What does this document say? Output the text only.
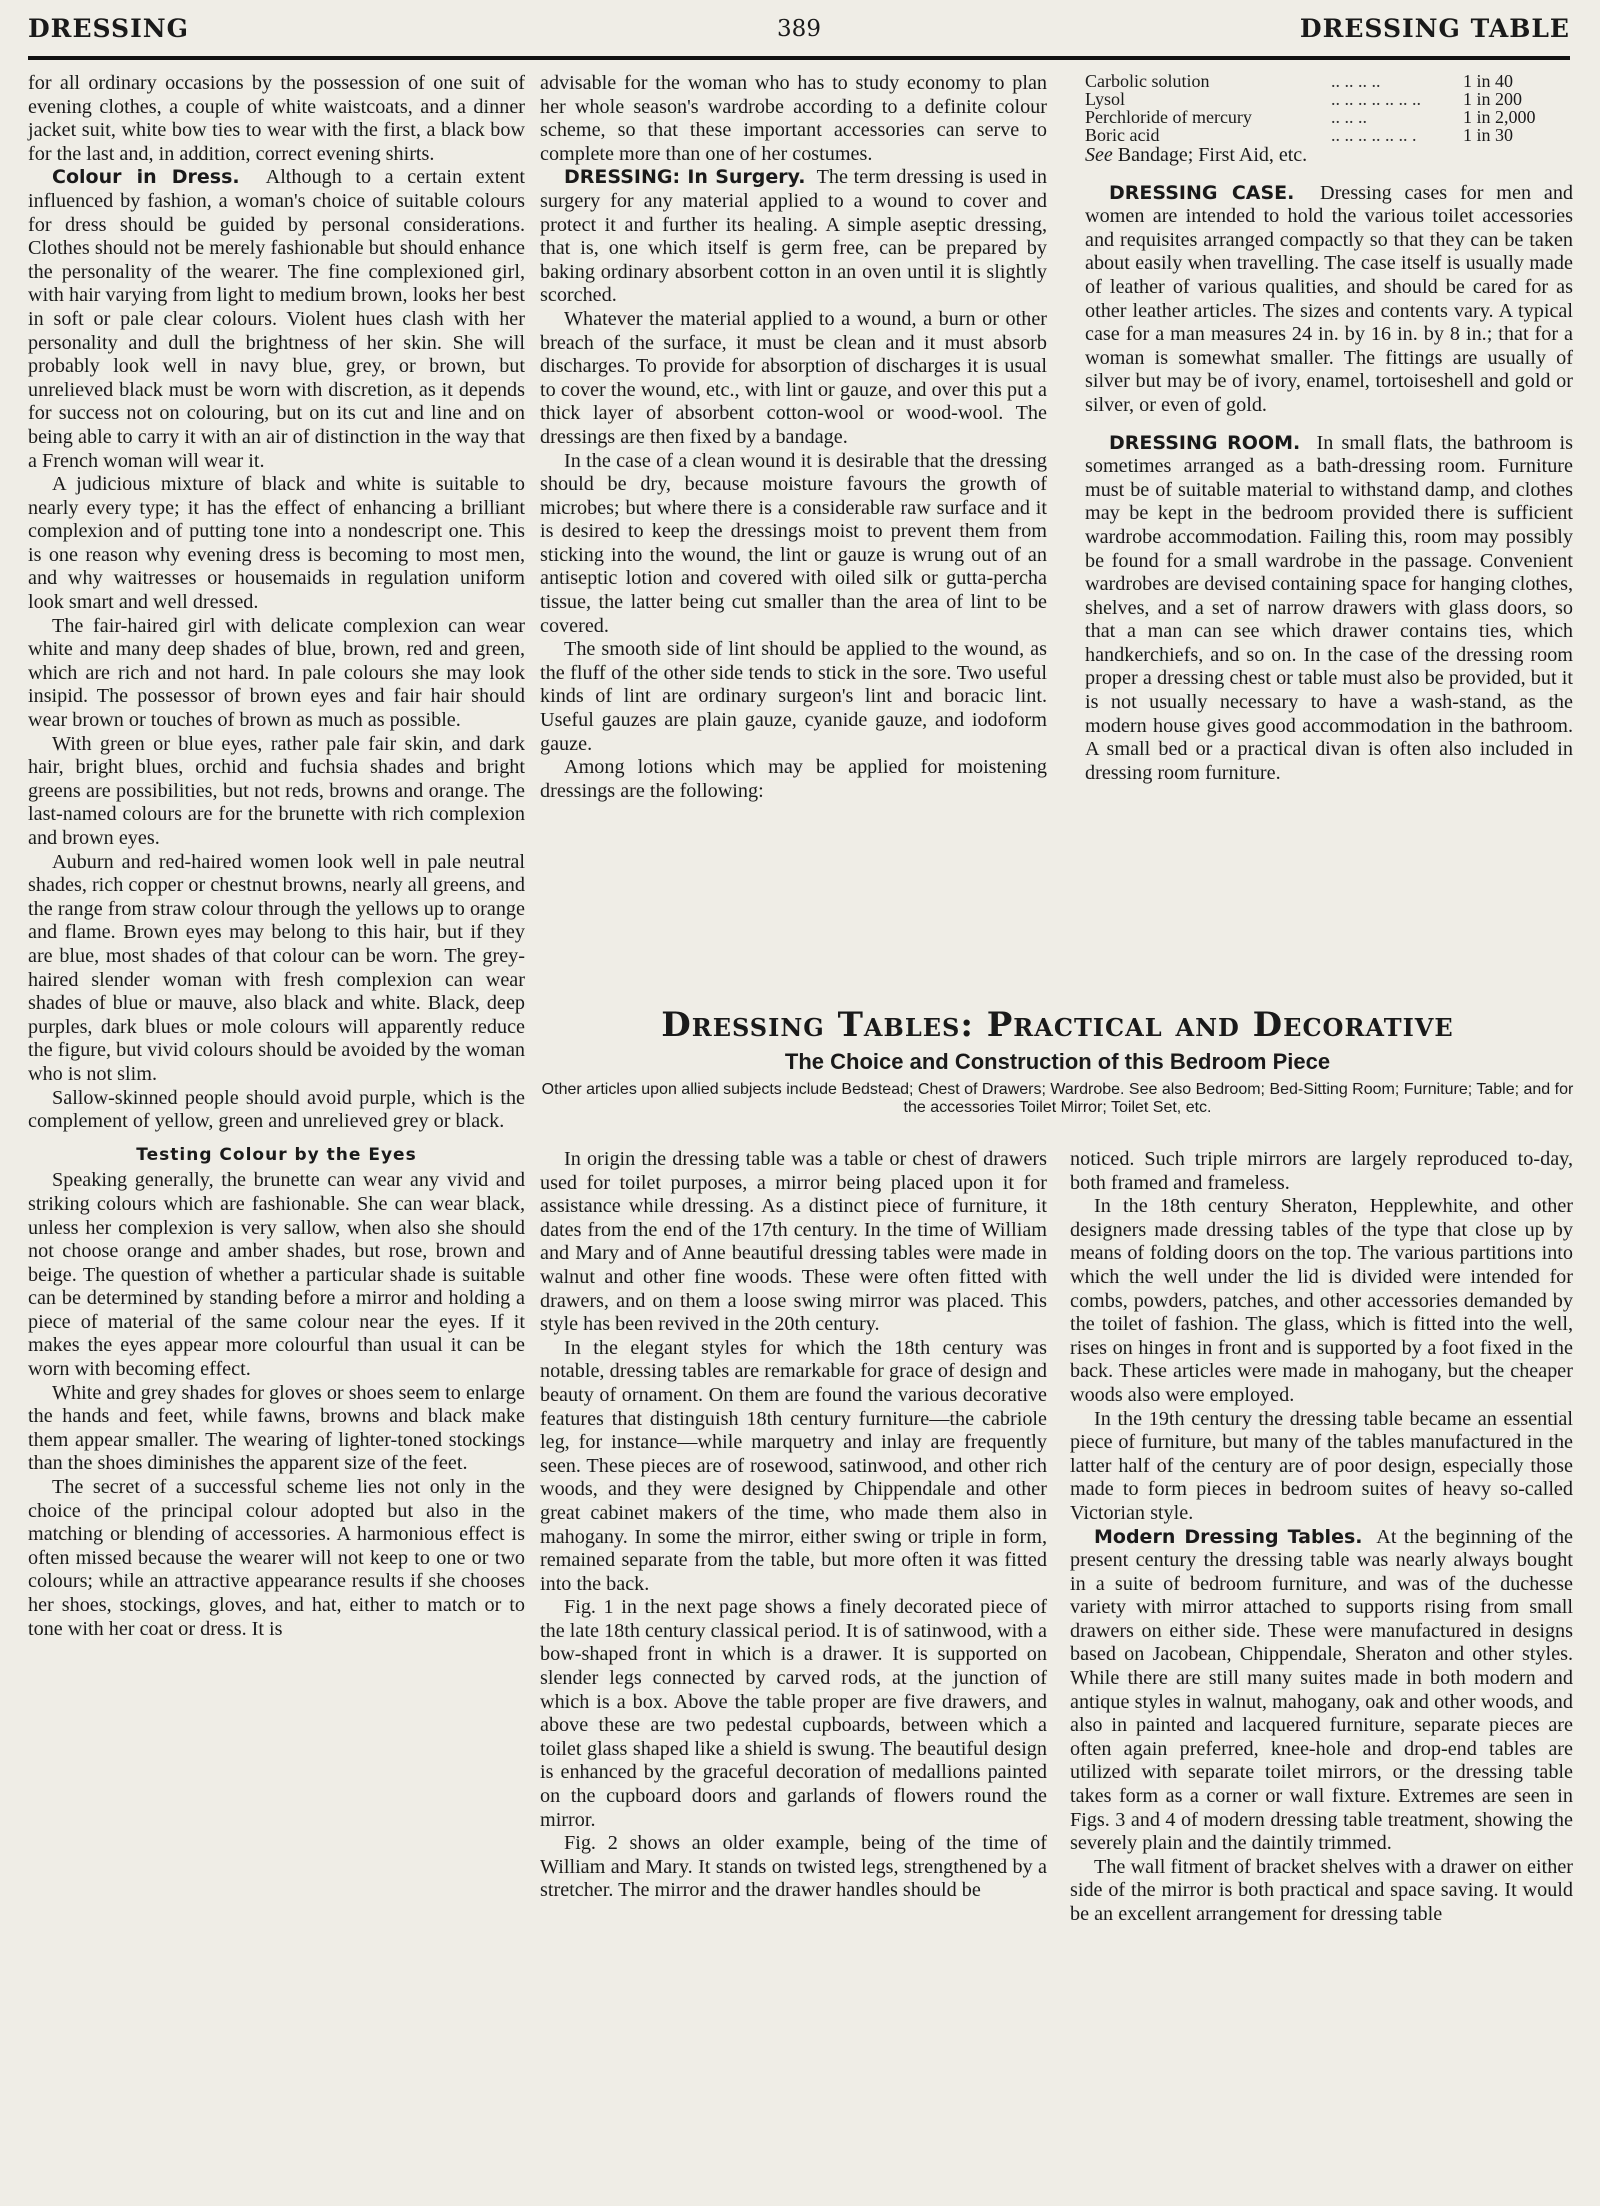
DRESSING	389	DRESSING TABLE

for all ordinary occasions by the possession of one suit of evening clothes, a couple of white waistcoats, and a dinner jacket suit, white bow ties to wear with the first, a black bow for the last and, in addition, correct evening shirts.

Colour in Dress. Although to a certain extent influenced by fashion, a woman's choice of suitable colours for dress should be guided by personal considerations. Clothes should not be merely fashionable but should enhance the personality of the wearer. The fine complexioned girl, with hair varying from light to medium brown, looks her best in soft or pale clear colours. Violent hues clash with her personality and dull the brightness of her skin. She will probably look well in navy blue, grey, or brown, but unrelieved black must be worn with discretion, as it depends for success not on colouring, but on its cut and line and on being able to carry it with an air of distinction in the way that a French woman will wear it.

A judicious mixture of black and white is suitable to nearly every type; it has the effect of enhancing a brilliant complexion and of putting tone into a nondescript one. This is one reason why evening dress is becoming to most men, and why waitresses or housemaids in regulation uniform look smart and well dressed.

The fair-haired girl with delicate complexion can wear white and many deep shades of blue, brown, red and green, which are rich and not hard. In pale colours she may look insipid. The possessor of brown eyes and fair hair should wear brown or touches of brown as much as possible.

With green or blue eyes, rather pale fair skin, and dark hair, bright blues, orchid and fuchsia shades and bright greens are possibilities, but not reds, browns and orange. The last-named colours are for the brunette with rich complexion and brown eyes.

Auburn and red-haired women look well in pale neutral shades, rich copper or chestnut browns, nearly all greens, and the range from straw colour through the yellows up to orange and flame. Brown eyes may belong to this hair, but if they are blue, most shades of that colour can be worn. The grey-haired slender woman with fresh complexion can wear shades of blue or mauve, also black and white. Black, deep purples, dark blues or mole colours will apparently reduce the figure, but vivid colours should be avoided by the woman who is not slim.

Sallow-skinned people should avoid purple, which is the complement of yellow, green and unrelieved grey or black.

Testing Colour by the Eyes

Speaking generally, the brunette can wear any vivid and striking colours which are fashionable. She can wear black, unless her complexion is very sallow, when also she should not choose orange and amber shades, but rose, brown and beige. The question of whether a particular shade is suitable can be determined by standing before a mirror and holding a piece of material of the same colour near the eyes. If it makes the eyes appear more colourful than usual it can be worn with becoming effect.

White and grey shades for gloves or shoes seem to enlarge the hands and feet, while fawns, browns and black make them appear smaller. The wearing of lighter-toned stockings than the shoes diminishes the apparent size of the feet.

The secret of a successful scheme lies not only in the choice of the principal colour adopted but also in the matching or blending of accessories. A harmonious effect is often missed because the wearer will not keep to one or two colours; while an attractive appearance results if she chooses her shoes, stockings, gloves, and hat, either to match or to tone with her coat or dress. It is

advisable for the woman who has to study economy to plan her whole season's wardrobe according to a definite colour scheme, so that these important accessories can serve to complete more than one of her costumes.

DRESSING: In Surgery. The term dressing is used in surgery for any material applied to a wound to cover and protect it and further its healing. A simple aseptic dressing, that is, one which itself is germ free, can be prepared by baking ordinary absorbent cotton in an oven until it is slightly scorched.

Whatever the material applied to a wound, a burn or other breach of the surface, it must be clean and it must absorb discharges. To provide for absorption of discharges it is usual to cover the wound, etc., with lint or gauze, and over this put a thick layer of absorbent cotton-wool or wood-wool. The dressings are then fixed by a bandage.

In the case of a clean wound it is desirable that the dressing should be dry, because moisture favours the growth of microbes; but where there is a considerable raw surface and it is desired to keep the dressings moist to prevent them from sticking into the wound, the lint or gauze is wrung out of an antiseptic lotion and covered with oiled silk or gutta-percha tissue, the latter being cut smaller than the area of lint to be covered.

The smooth side of lint should be applied to the wound, as the fluff of the other side tends to stick in the sore. Two useful kinds of lint are ordinary surgeon's lint and boracic lint. Useful gauzes are plain gauze, cyanide gauze, and iodoform gauze.

Among lotions which may be applied for moistening dressings are the following:

Carbolic solution	.. .. .. ..	1 in 40
Lysol	.. .. .. .. .. .. ..	1 in 200
Perchloride of mercury	.. .. ..	1 in 2,000
Boric acid	.. .. .. .. .. .. .	1 in 30

See Bandage; First Aid, etc.

DRESSING CASE. Dressing cases for men and women are intended to hold the various toilet accessories and requisites arranged compactly so that they can be taken about easily when travelling. The case itself is usually made of leather of various qualities, and should be cared for as other leather articles. The sizes and contents vary. A typical case for a man measures 24 in. by 16 in. by 8 in.; that for a woman is somewhat smaller. The fittings are usually of silver but may be of ivory, enamel, tortoiseshell and gold or silver, or even of gold.

DRESSING ROOM. In small flats, the bathroom is sometimes arranged as a bath-dressing room. Furniture must be of suitable material to withstand damp, and clothes may be kept in the bedroom provided there is sufficient wardrobe accommodation. Failing this, room may possibly be found for a small wardrobe in the passage. Convenient wardrobes are devised containing space for hanging clothes, shelves, and a set of narrow drawers with glass doors, so that a man can see which drawer contains ties, which handkerchiefs, and so on. In the case of the dressing room proper a dressing chest or table must also be provided, but it is not usually necessary to have a wash-stand, as the modern house gives good accommodation in the bathroom. A small bed or a practical divan is often also included in dressing room furniture.

Dressing Tables: Practical and Decorative
The Choice and Construction of this Bedroom Piece
Other articles upon allied subjects include Bedstead; Chest of Drawers; Wardrobe. See also Bedroom; Bed-Sitting Room; Furniture; Table; and for the accessories Toilet Mirror; Toilet Set, etc.

In origin the dressing table was a table or chest of drawers used for toilet purposes, a mirror being placed upon it for assistance while dressing. As a distinct piece of furniture, it dates from the end of the 17th century. In the time of William and Mary and of Anne beautiful dressing tables were made in walnut and other fine woods. These were often fitted with drawers, and on them a loose swing mirror was placed. This style has been revived in the 20th century.

In the elegant styles for which the 18th century was notable, dressing tables are remarkable for grace of design and beauty of ornament. On them are found the various decorative features that distinguish 18th century furniture—the cabriole leg, for instance—while marquetry and inlay are frequently seen. These pieces are of rosewood, satinwood, and other rich woods, and they were designed by Chippendale and other great cabinet makers of the time, who made them also in mahogany. In some the mirror, either swing or triple in form, remained separate from the table, but more often it was fitted into the back.

Fig. 1 in the next page shows a finely decorated piece of the late 18th century classical period. It is of satinwood, with a bow-shaped front in which is a drawer. It is supported on slender legs connected by carved rods, at the junction of which is a box. Above the table proper are five drawers, and above these are two pedestal cupboards, between which a toilet glass shaped like a shield is swung. The beautiful design is enhanced by the graceful decoration of medallions painted on the cupboard doors and garlands of flowers round the mirror.

Fig. 2 shows an older example, being of the time of William and Mary. It stands on twisted legs, strengthened by a stretcher. The mirror and the drawer handles should be

noticed. Such triple mirrors are largely reproduced to-day, both framed and frameless.

In the 18th century Sheraton, Hepplewhite, and other designers made dressing tables of the type that close up by means of folding doors on the top. The various partitions into which the well under the lid is divided were intended for combs, powders, patches, and other accessories demanded by the toilet of fashion. The glass, which is fitted into the well, rises on hinges in front and is supported by a foot fixed in the back. These articles were made in mahogany, but the cheaper woods also were employed.

In the 19th century the dressing table became an essential piece of furniture, but many of the tables manufactured in the latter half of the century are of poor design, especially those made to form pieces in bedroom suites of heavy so-called Victorian style.

Modern Dressing Tables. At the beginning of the present century the dressing table was nearly always bought in a suite of bedroom furniture, and was of the duchesse variety with mirror attached to supports rising from small drawers on either side. These were manufactured in designs based on Jacobean, Chippendale, Sheraton and other styles. While there are still many suites made in both modern and antique styles in walnut, mahogany, oak and other woods, and also in painted and lacquered furniture, separate pieces are often again preferred, knee-hole and drop-end tables are utilized with separate toilet mirrors, or the dressing table takes form as a corner or wall fixture. Extremes are seen in Figs. 3 and 4 of modern dressing table treatment, showing the severely plain and the daintily trimmed.

The wall fitment of bracket shelves with a drawer on either side of the mirror is both practical and space saving. It would be an excellent arrangement for dressing table
